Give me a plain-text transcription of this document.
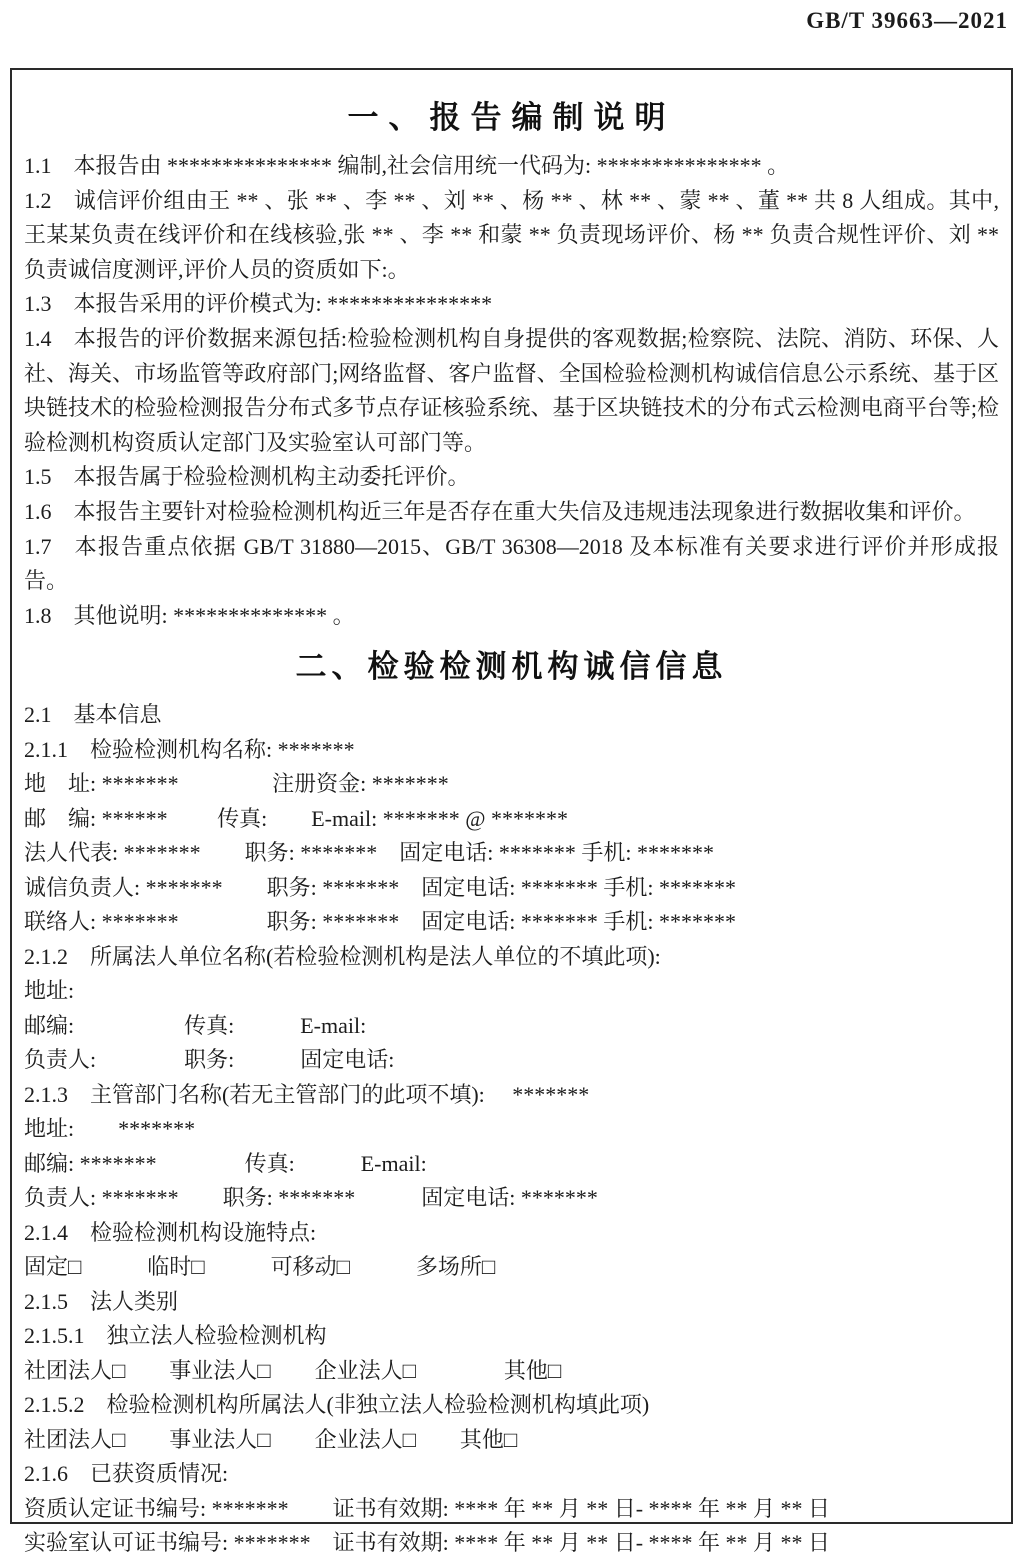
GB/T 39663—2021
一、报告编制说明

1.1 本报告由 *************** 编制,社会信用统一代码为: *************** 。

1.2 诚信评价组由王 ** 、张 ** 、李 ** 、刘 ** 、杨 ** 、林 ** 、蒙 ** 、董 ** 共 8 人组成。其中,王某某负责在线评价和在线核验,张 ** 、李 ** 和蒙 ** 负责现场评价、杨 ** 负责合规性评价、刘 ** 负责诚信度测评,评价人员的资质如下:。

1.3 本报告采用的评价模式为: ***************

1.4 本报告的评价数据来源包括:检验检测机构自身提供的客观数据;检察院、法院、消防、环保、人社、海关、市场监管等政府部门;网络监督、客户监督、全国检验检测机构诚信信息公示系统、基于区块链技术的检验检测报告分布式多节点存证核验系统、基于区块链技术的分布式云检测电商平台等;检验检测机构资质认定部门及实验室认可部门等。

1.5 本报告属于检验检测机构主动委托评价。

1.6 本报告主要针对检验检测机构近三年是否存在重大失信及违规违法现象进行数据收集和评价。

1.7 本报告重点依据 GB/T 31880—2015、GB/T 36308—2018 及本标准有关要求进行评价并形成报告。

1.8 其他说明: ************** 。

二、检验检测机构诚信信息

2.1 基本信息

2.1.1 检验检测机构名称: *******

地　址: *******　　　　 注册资金: *******

邮　编: ******　　 传真:　　E-mail: ******* @ *******

法人代表: *******　　职务: *******　固定电话: ******* 手机: *******

诚信负责人: *******　　职务: *******　固定电话: ******* 手机: *******

联络人: *******　　　　职务: *******　固定电话: ******* 手机: *******

2.1.2 所属法人单位名称(若检验检测机构是法人单位的不填此项):

地址:

邮编:　　　　　传真:　　　E-mail:

负责人:　　　　职务:　　　固定电话:

2.1.3 主管部门名称(若无主管部门的此项不填):　 *******

地址:　　*******

邮编: *******　　　　传真:　　　E-mail:

负责人: *******　　职务: *******　　　固定电话: *******

2.1.4 检验检测机构设施特点:

固定□　　　临时□　　　可移动□　　　多场所□

2.1.5 法人类别

2.1.5.1 独立法人检验检测机构

社团法人□　　事业法人□　　企业法人□　　　　其他□

2.1.5.2 检验检测机构所属法人(非独立法人检验检测机构填此项)

社团法人□　　事业法人□　　企业法人□　　其他□

2.1.6 已获资质情况:

资质认定证书编号: *******　　证书有效期: **** 年 ** 月 ** 日- **** 年 ** 月 ** 日

实验室认可证书编号: *******　证书有效期: **** 年 ** 月 ** 日- **** 年 ** 月 ** 日
